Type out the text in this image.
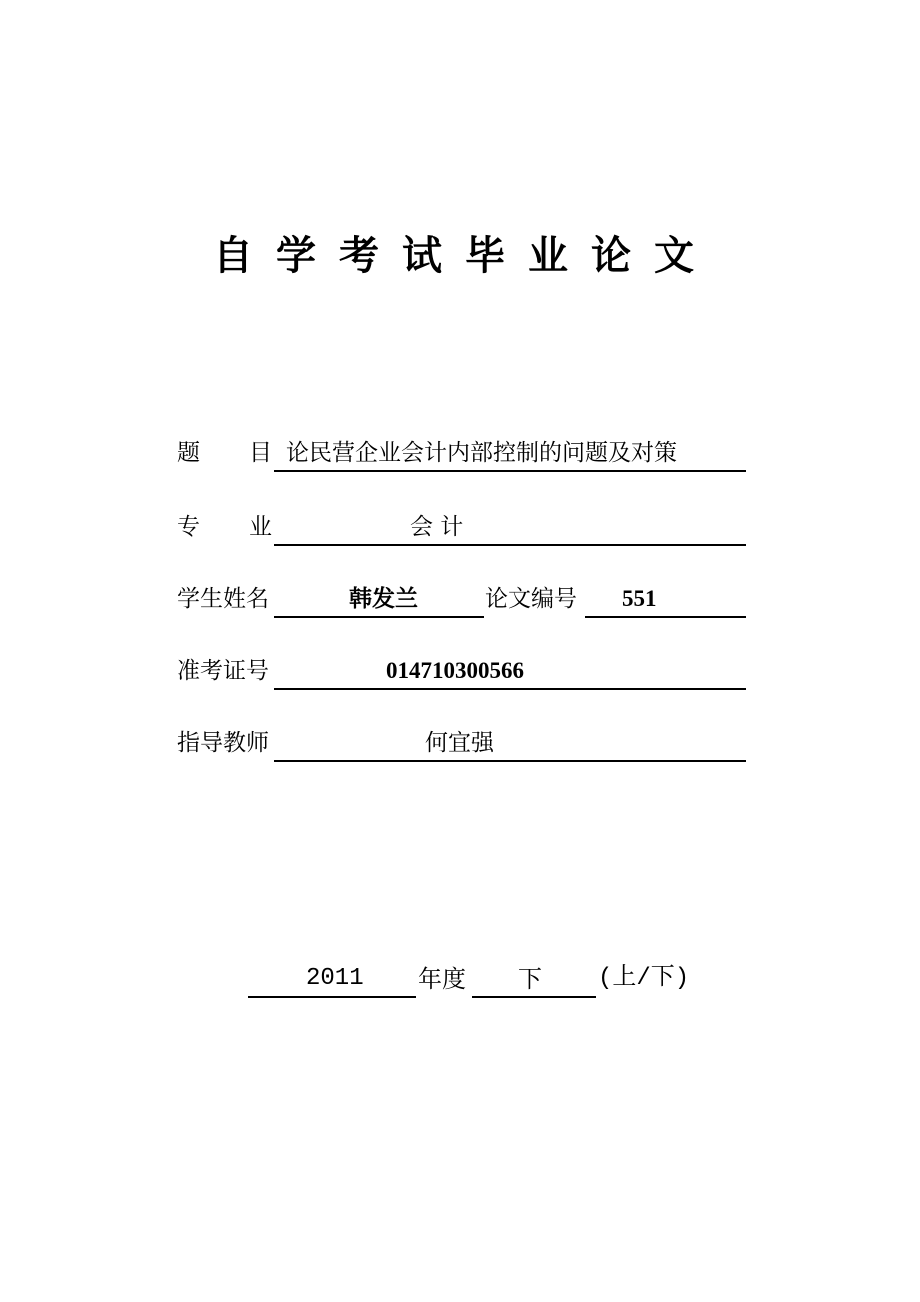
自学考试毕业论文
题 目 论民营企业会计内部控制的问题及对策
专 业	会 计
学生姓名	韩发兰	论文编号 551
准考证号	014710300566
指导教师	何宜强
2011 年度 下 (上/下)
